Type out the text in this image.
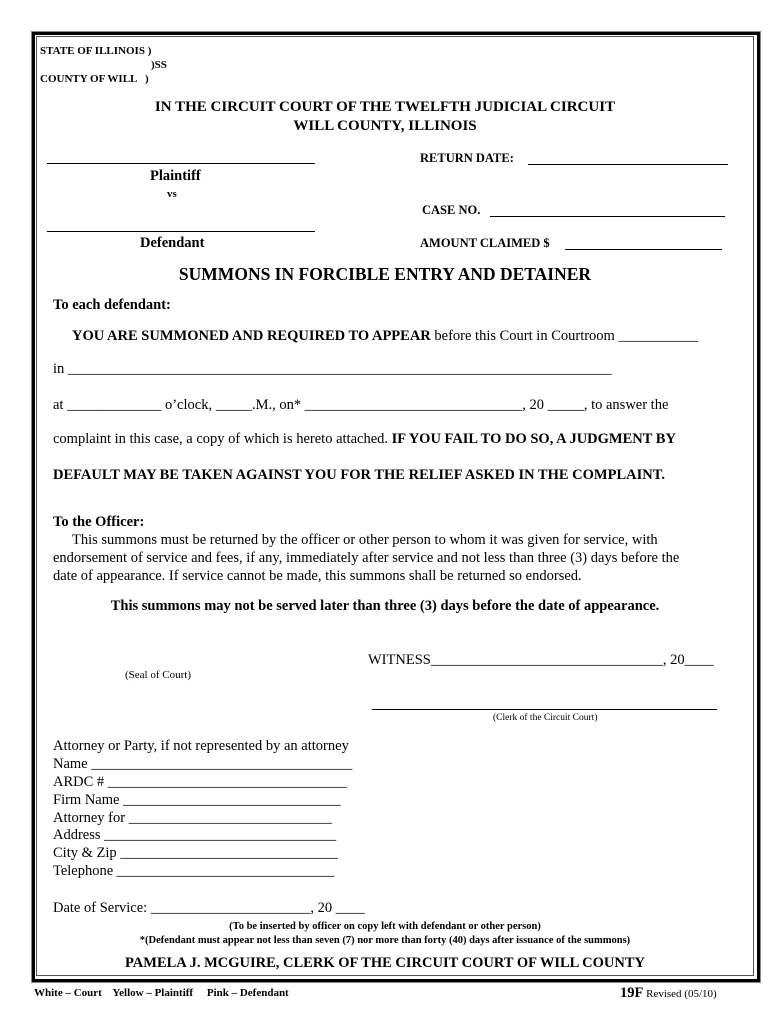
STATE OF ILLINOIS )
)SS
COUNTY OF WILL   )
IN THE CIRCUIT COURT OF THE TWELFTH JUDICIAL CIRCUIT
WILL COUNTY, ILLINOIS
Plaintiff
vs
Defendant
RETURN DATE:
CASE NO.
AMOUNT CLAIMED $
SUMMONS IN FORCIBLE ENTRY AND DETAINER
To each defendant:
YOU ARE SUMMONED AND REQUIRED TO APPEAR before this Court in Courtroom ___________
in ___________________________________________________________________________
at _____________ o’clock, _____.M., on* ______________________________, 20 _____, to answer the
complaint in this case, a copy of which is hereto attached. IF YOU FAIL TO DO SO, A JUDGMENT BY
DEFAULT MAY BE TAKEN AGAINST YOU FOR THE RELIEF ASKED IN THE COMPLAINT.
To the Officer:
This summons must be returned by the officer or other person to whom it was given for service, with
endorsement of service and fees, if any, immediately after service and not less than three (3) days before the
date of appearance. If service cannot be made, this summons shall be returned so endorsed.
This summons may not be served later than three (3) days before the date of appearance.
WITNESS________________________________, 20____
(Seal of Court)
(Clerk of the Circuit Court)
Attorney or Party, if not represented by an attorney
Name ____________________________________
ARDC # _________________________________
Firm Name ______________________________
Attorney for ____________________________
Address ________________________________
City & Zip ______________________________
Telephone ______________________________
Date of Service: ______________________, 20 ____
(To be inserted by officer on copy left with defendant or other person)
*(Defendant must appear not less than seven (7) nor more than forty (40) days after issuance of the summons)
PAMELA J. MCGUIRE, CLERK OF THE CIRCUIT COURT OF WILL COUNTY
White – Court    Yellow – Plaintiff     Pink – Defendant	19F Revised (05/10)
